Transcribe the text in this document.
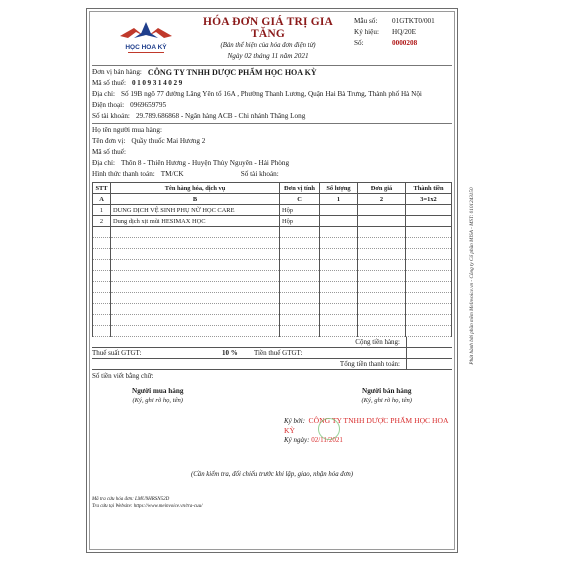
HỌC HOA KỲ
HÓA ĐƠN GIÁ TRỊ GIA TĂNG
(Bản thể hiện của hóa đơn điện tử)
Ngày 02 tháng 11 năm 2021
Mẫu số:	01GTKT0/001
Ký hiệu:	HQ/20E
Số:	0000208
Đơn vị bán hàng: CÔNG TY TNHH DƯỢC PHẨM HỌC HOA KỲ
Mã số thuế: 0109314029
Địa chỉ: Số 19B ngõ 77 đường Lãng Yên tổ 16A , Phường Thanh Lương, Quận Hai Bà Trưng, Thành phố Hà Nội
Điện thoại: 0969659795
Số tài khoản: 29.789.686868 - Ngân hàng ACB - Chi nhánh Thăng Long
Họ tên người mua hàng:
Tên đơn vị: Quầy thuốc Mai Hương 2
Mã số thuế:
Địa chỉ: Thôn 8 - Thiên Hương - Huyện Thủy Nguyên - Hải Phòng
Hình thức thanh toán: TM/CK	Số tài khoản:
STT	Tên hàng hóa, dịch vụ	Đơn vị tính	Số lượng	Đơn giá	Thành tiền
A	B	C	1	2	3=1x2
1	DUNG DỊCH VỆ SINH PHỤ NỮ HỌC CARE	Hộp			
2	Dung dịch xịt mũi HESIMAX HỌC	Hộp			

Cộng tiền hàng:
Thuế suất GTGT:	10 %	Tiền thuế GTGT:
Tổng tiền thanh toán:
Số tiền viết bằng chữ:
Người mua hàng
(Ký, ghi rõ họ, tên)
Người bán hàng
(Ký, ghi rõ họ, tên)
Ký bởi: CÔNG TY TNHH DƯỢC PHẨM HỌC HOA KỲ
Ký ngày: 02/11/2021
(Cần kiểm tra, đối chiếu trước khi lập, giao, nhận hóa đơn)
Mã tra cứu hóa đơn: LMU9HRSN52D
Tra cứu tại Website: https://www.meinvoice.vn/tra-cuu/
Phát hành bởi phần mềm MeInvoice.vn - Công ty Cổ phần MISA - MST: 0101243150
